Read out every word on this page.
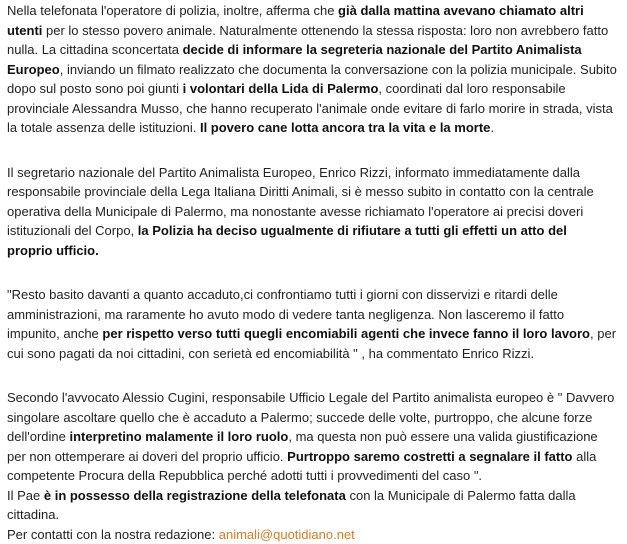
Nella telefonata l'operatore di polizia, inoltre, afferma che già dalla mattina avevano chiamato altri
utenti per lo stesso povero animale. Naturalmente ottenendo la stessa risposta: loro non avrebbero fatto
nulla. La cittadina sconcertata decide di informare la segreteria nazionale del Partito Animalista
Europeo, inviando un filmato realizzato che documenta la conversazione con la polizia municipale. Subito
dopo sul posto sono poi giunti i volontari della Lida di Palermo, coordinati dal loro responsabile
provinciale Alessandra Musso, che hanno recuperato l'animale onde evitare di farlo morire in strada, vista
la totale assenza delle istituzioni. Il povero cane lotta ancora tra la vita e la morte.
Il segretario nazionale del Partito Animalista Europeo, Enrico Rizzi, informato immediatamente dalla
responsabile provinciale della Lega Italiana Diritti Animali, si è messo subito in contatto con la centrale
operativa della Municipale di Palermo, ma nonostante avesse richiamato l'operatore ai precisi doveri
istituzionali del Corpo, la Polizia ha deciso ugualmente di rifiutare a tutti gli effetti un atto del
proprio ufficio.
"Resto basito davanti a quanto accaduto,ci confrontiamo tutti i giorni con disservizi e ritardi delle
amministrazioni, ma raramente ho avuto modo di vedere tanta negligenza. Non lasceremo il fatto
impunito, anche per rispetto verso tutti quegli encomiabili agenti che invece fanno il loro lavoro, per
cui sono pagati da noi cittadini, con serietà ed encomiabilità " , ha commentato Enrico Rizzi.
Secondo l'avvocato Alessio Cugini, responsabile Ufficio Legale del Partito animalista europeo è " Davvero
singolare ascoltare quello che è accaduto a Palermo; succede delle volte, purtroppo, che alcune forze
dell'ordine interpretino malamente il loro ruolo, ma questa non può essere una valida giustificazione
per non ottemperare ai doveri del proprio ufficio. Purtroppo saremo costretti a segnalare il fatto alla
competente Procura della Repubblica perché adotti tutti i provvedimenti del caso ".
Il Pae è in possesso della registrazione della telefonata con la Municipale di Palermo fatta dalla
cittadina.
Per contatti con la nostra redazione: animali@quotidiano.net
